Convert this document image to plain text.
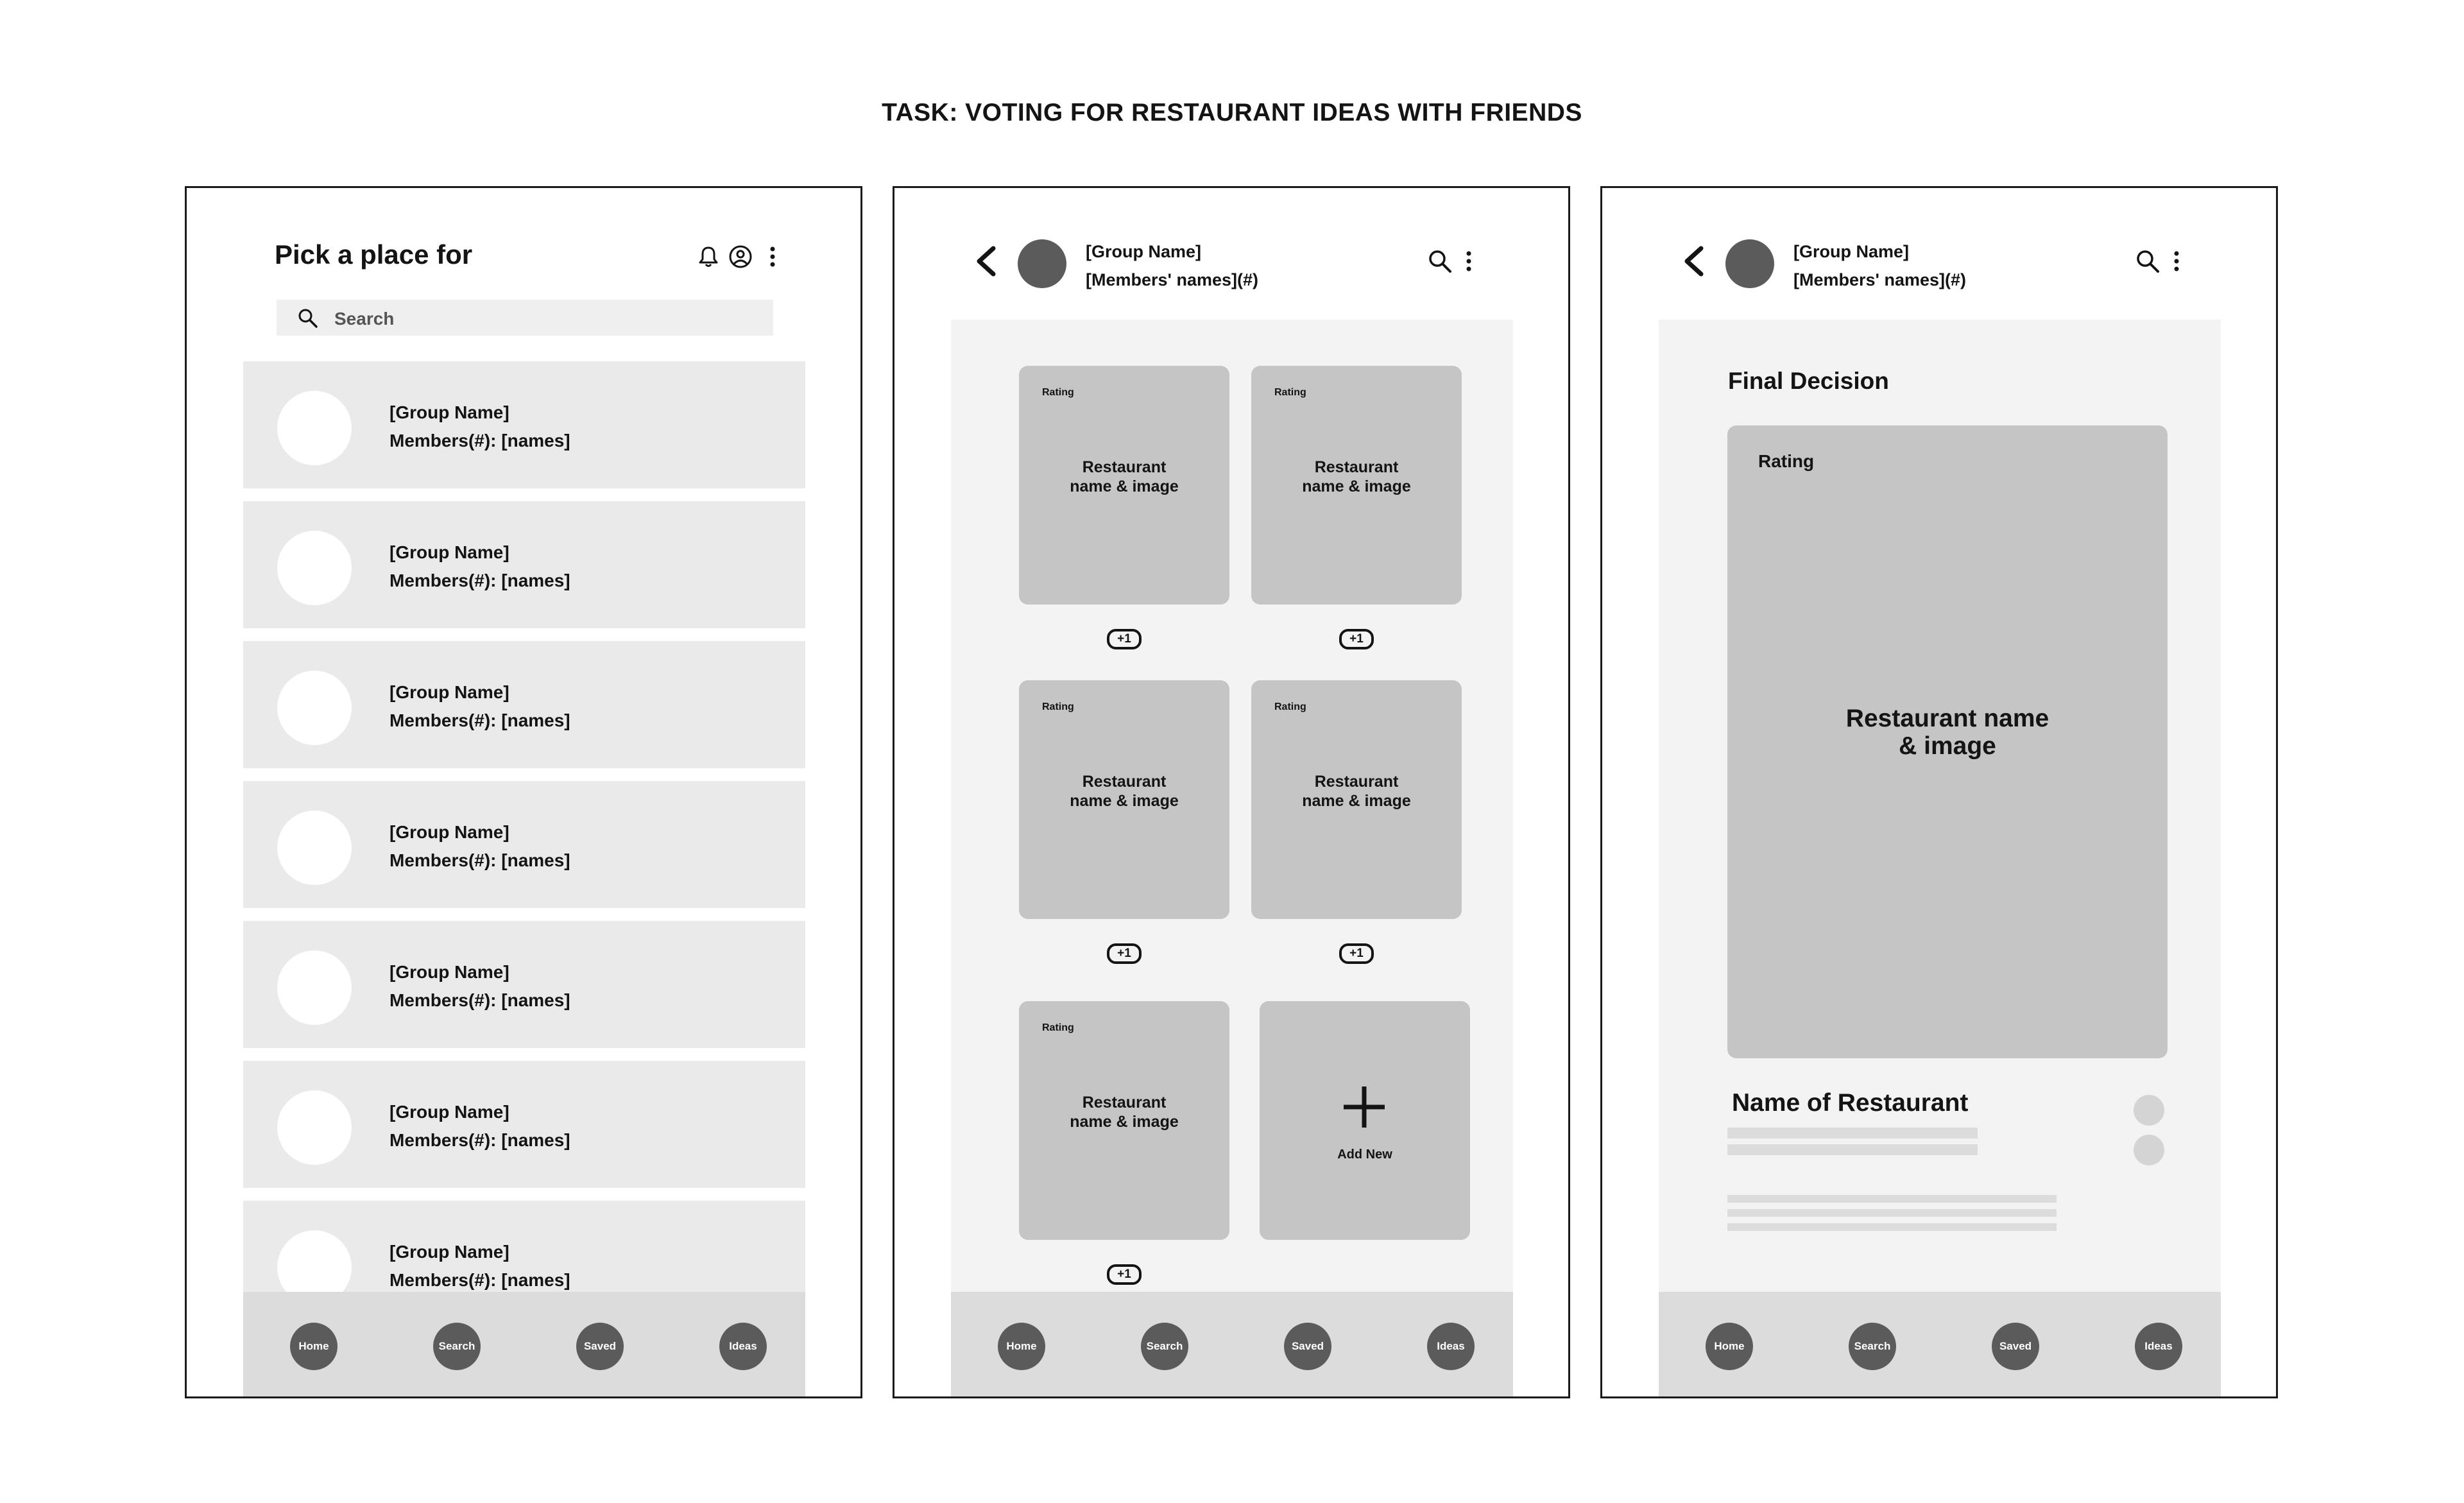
TASK: VOTING FOR RESTAURANT IDEAS WITH FRIENDS
Pick a place for
Search
[Group Name]
Members(#): [names]
[Group Name]
Members(#): [names]
[Group Name]
Members(#): [names]
[Group Name]
Members(#): [names]
[Group Name]
Members(#): [names]
[Group Name]
Members(#): [names]
[Group Name]
Members(#): [names]
Home	Search	Saved	Ideas
[Group Name]
[Members' names](#)
Rating
Restaurant
name & image
+1
Rating
Restaurant
name & image
+1
Rating
Restaurant
name & image
+1
Rating
Restaurant
name & image
+1
Rating
Restaurant
name & image
+1
Add New
Home	Search	Saved	Ideas
[Group Name]
[Members' names](#)
Final Decision
Rating
Restaurant name
& image
Name of Restaurant
Home	Search	Saved	Ideas
